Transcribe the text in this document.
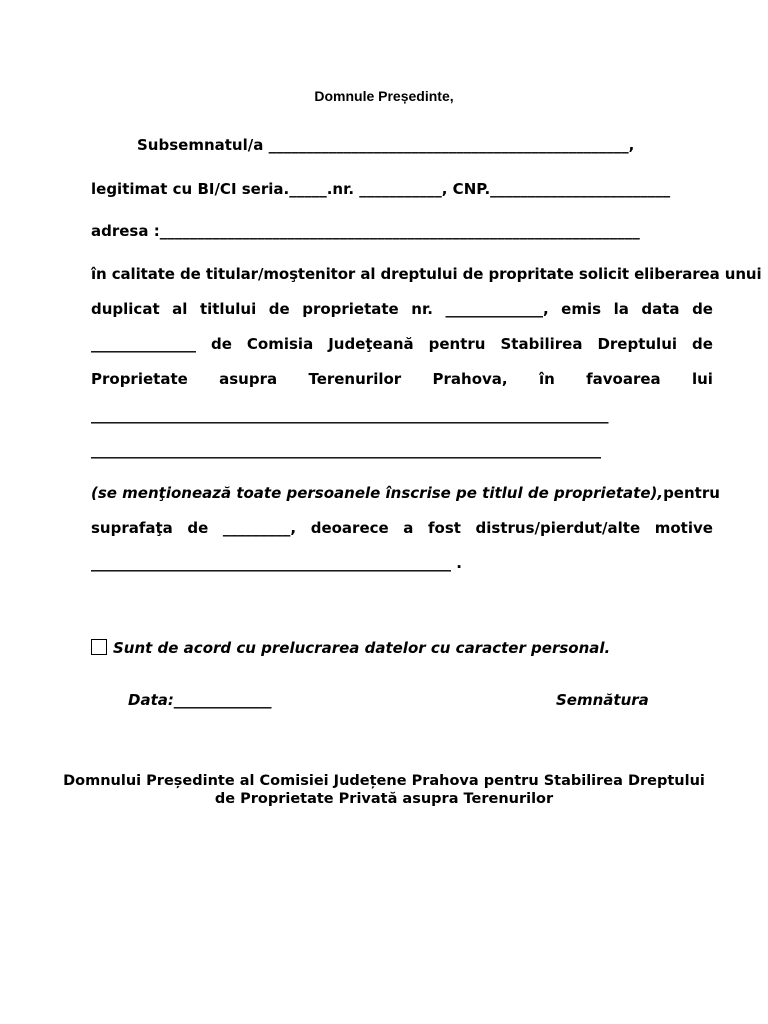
Domnule Președinte,
Subsemnatul/a ________________________________________________,
legitimat cu BI/CI seria._____.nr. ___________, CNP.________________________
adresa :________________________________________________________________
în calitate de titular/moştenitor al dreptului de propritate solicit eliberarea unui
duplicat al titlului de proprietate nr. _____________, emis la data de
______________ de Comisia Judeţeană pentru Stabilirea Dreptului de
Proprietate asupra Terenurilor Prahova, în favoarea lui
_____________________________________________________________________
____________________________________________________________________
(se menţionează toate persoanele înscrise pe titlul de proprietate), pentru
suprafaţa de _________, deoarece a fost distrus/pierdut/alte motive
________________________________________________ .
Sunt de acord cu prelucrarea datelor cu caracter personal.
Data:_____________	Semnătura
Domnului Președinte al Comisiei Județene Prahova pentru Stabilirea Dreptului
de Proprietate Privată asupra Terenurilor
